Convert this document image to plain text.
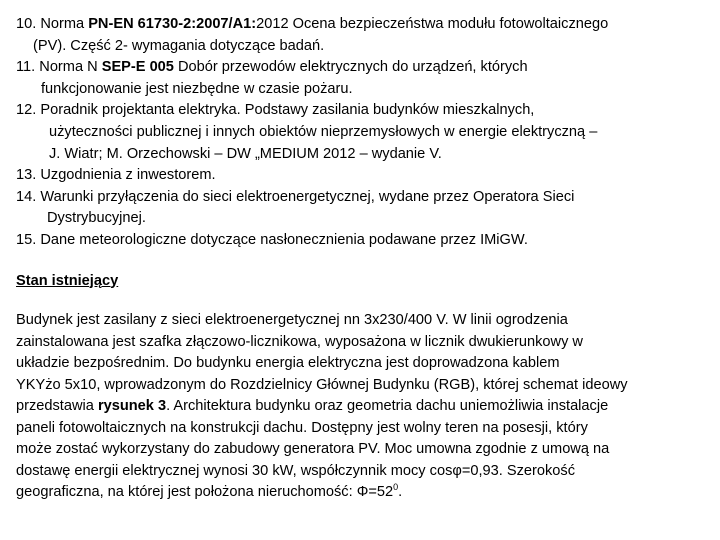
10. Norma PN-EN 61730-2:2007/A1:2012 Ocena bezpieczeństwa modułu fotowoltaicznego
(PV). Część 2- wymagania dotyczące badań.
11. Norma N SEP-E 005 Dobór przewodów elektrycznych do urządzeń, których
funkcjonowanie jest niezbędne w czasie pożaru.
12. Poradnik projektanta elektryka. Podstawy zasilania budynków mieszkalnych,
użyteczności publicznej i innych obiektów nieprzemysłowych w energie elektryczną –
J. Wiatr; M. Orzechowski – DW „MEDIUM 2012 – wydanie V.
13. Uzgodnienia z inwestorem.
14. Warunki przyłączenia do sieci elektroenergetycznej, wydane przez Operatora Sieci
Dystrybucyjnej.
15. Dane meteorologiczne dotyczące nasłonecznienia podawane przez IMiGW.
Stan istniejący
Budynek jest zasilany z sieci elektroenergetycznej nn 3x230/400 V. W linii ogrodzenia
zainstalowana jest szafka złączowo-licznikowa, wyposażona w licznik dwukierunkowy w
układzie bezpośrednim. Do budynku energia elektryczna jest doprowadzona kablem
YKYżo 5x10, wprowadzonym do Rozdzielnicy Głównej Budynku (RGB), której schemat ideowy
przedstawia rysunek 3. Architektura budynku oraz geometria dachu uniemożliwia instalacje
paneli fotowoltaicznych na konstrukcji dachu. Dostępny jest wolny teren na posesji, który
może zostać wykorzystany do zabudowy generatora PV. Moc umowna zgodnie z umową na
dostawę energii elektrycznej wynosi 30 kW, współczynnik mocy cosφ=0,93. Szerokość
geograficzna, na której jest położona nieruchomość: $\Phi=52^0$.
